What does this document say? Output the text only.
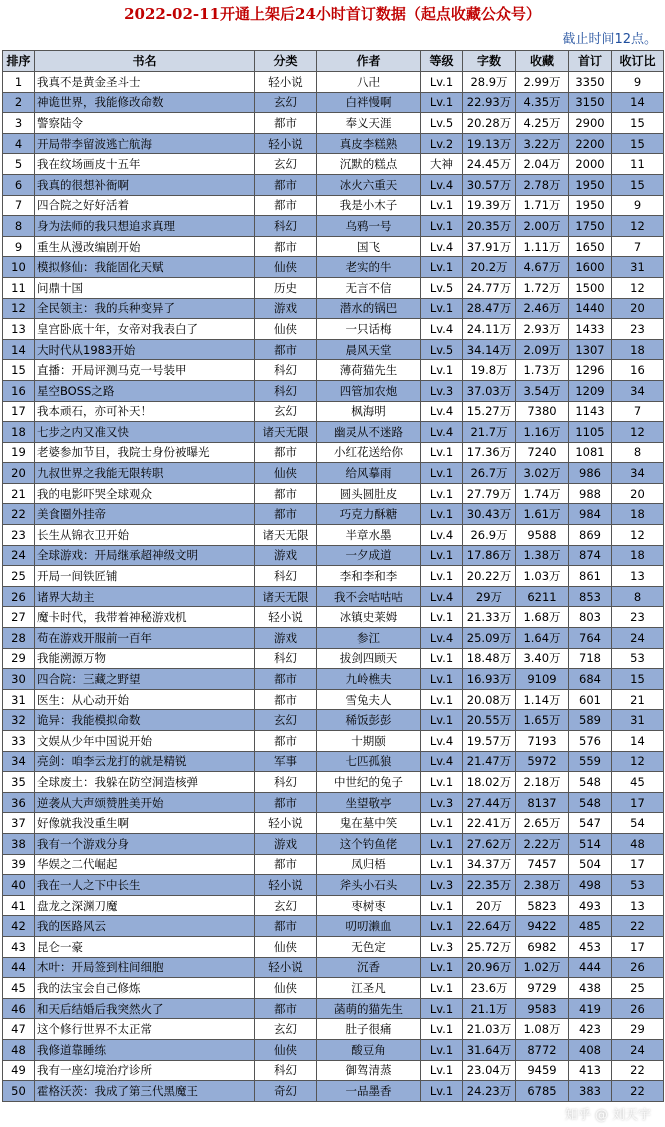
2022-02-11开通上架后24小时首订数据（起点收藏公众号）
截止时间12点。
排序	书名	分类	作者	等级	字数	收藏	首订	收订比
1	我真不是黄金圣斗士	轻小说	八卍	Lv.1	28.9万	2.99万	3350	9
2	神诡世界，我能修改命数	玄幻	白袢慢啊	Lv.1	22.93万	4.35万	3150	14
3	警察陆令	都市	奉义天涯	Lv.5	20.28万	4.25万	2900	15
4	开局带李留波逃亡航海	轻小说	真皮李糕熟	Lv.2	19.13万	3.22万	2200	15
5	我在纹场画皮十五年	玄幻	沉默的糕点	大神	24.45万	2.04万	2000	11
6	我真的很想补衙啊	都市	冰火六重天	Lv.4	30.57万	2.78万	1950	15
7	四合院之好好活着	都市	我是小木子	Lv.1	19.39万	1.71万	1950	9
8	身为法师的我只想追求真理	科幻	乌鸦一号	Lv.1	20.35万	2.00万	1750	12
9	重生从漫改编剧开始	都市	国飞	Lv.4	37.91万	1.11万	1650	7
10	模拟修仙：我能固化天赋	仙侠	老实的牛	Lv.1	20.2万	4.67万	1600	31
11	问鼎十国	历史	无言不信	Lv.5	24.77万	1.72万	1500	12
12	全民领主：我的兵种变异了	游戏	潜水的锅巴	Lv.1	28.47万	2.46万	1440	20
13	皇宫卧底十年，女帝对我表白了	仙侠	一只话梅	Lv.4	24.11万	2.93万	1433	23
14	大时代从1983开始	都市	晨风天堂	Lv.5	34.14万	2.09万	1307	18
15	直播：开局评测马克一号装甲	科幻	薄荷猫先生	Lv.1	19.8万	1.73万	1296	16
16	星空BOSS之路	科幻	四管加农炮	Lv.3	37.03万	3.54万	1209	34
17	我本顽石，亦可补天！	玄幻	枫海明	Lv.4	15.27万	7380	1143	7
18	七步之内又准又快	诸天无限	幽灵从不迷路	Lv.4	21.7万	1.16万	1105	12
19	老婆参加节目，我院士身份被曝光	都市	小红花送给你	Lv.1	17.36万	7240	1081	8
20	九叔世界之我能无限转职	仙侠	给风摹雨	Lv.1	26.7万	3.02万	986	34
21	我的电影吓哭全球观众	都市	圆头圆肚皮	Lv.1	27.79万	1.74万	988	20
22	美食圈外挂帝	都市	巧克力酥糖	Lv.1	30.43万	1.61万	984	18
23	长生从锦衣卫开始	诸天无限	半章水墨	Lv.4	26.9万	9588	869	12
24	全球游戏：开局继承超神级文明	游戏	一夕成道	Lv.1	17.86万	1.38万	874	18
25	开局一间铁匠铺	科幻	李和李和李	Lv.1	20.22万	1.03万	861	13
26	诸界大劫主	诸天无限	我不会咕咕咕	Lv.4	29万	6211	853	8
27	魔卡时代，我带着神秘游戏机	轻小说	冰镇史莱姆	Lv.1	21.33万	1.68万	803	23
28	苟在游戏开服前一百年	游戏	参江	Lv.4	25.09万	1.64万	764	24
29	我能溯源万物	科幻	拔剑四顾天	Lv.1	18.48万	3.40万	718	53
30	四合院：三藏之野望	都市	九岭樵夫	Lv.1	16.93万	9109	684	15
31	医生：从心动开始	都市	雪兔夫人	Lv.1	20.08万	1.14万	601	21
32	诡异：我能模拟命数	玄幻	稀饭彭彭	Lv.1	20.55万	1.65万	589	31
33	文娱从少年中国说开始	都市	十期颐	Lv.4	19.57万	7193	576	14
34	亮剑：咱李云龙打的就是精锐	军事	七匹孤狼	Lv.4	21.47万	5972	559	12
35	全球废土：我躲在防空洞造核弹	科幻	中世纪的兔子	Lv.1	18.02万	2.18万	548	45
36	逆袭从大声颂赞胜美开始	都市	坐望敬亭	Lv.3	27.44万	8137	548	17
37	好像就我没重生啊	轻小说	鬼在墓中笑	Lv.1	22.41万	2.65万	547	54
38	我有一个游戏分身	游戏	这个钓鱼佬	Lv.1	27.62万	2.22万	514	48
39	华娱之二代崛起	都市	凤归梧	Lv.1	34.37万	7457	504	17
40	我在一人之下中长生	轻小说	斧头小石头	Lv.3	22.35万	2.38万	498	53
41	盘龙之深渊刀魔	玄幻	枣树枣	Lv.1	20万	5823	493	13
42	我的医路风云	都市	叨叨濑血	Lv.1	22.64万	9422	485	22
43	昆仑一豪	仙侠	无色定	Lv.3	25.72万	6982	453	17
44	木叶：开局签到柱间细胞	轻小说	沉香	Lv.1	20.96万	1.02万	444	26
45	我的法宝会自己修炼	仙侠	江圣凡	Lv.1	23.6万	9729	438	25
46	和天后结婚后我突然火了	都市	菡萌的猫先生	Lv.1	21.1万	9583	419	26
47	这个修行世界不太正常	玄幻	肚子很痛	Lv.1	21.03万	1.08万	423	29
48	我修道靠睡练	仙侠	酸豆角	Lv.1	31.64万	8772	408	24
49	我有一座幻境治疗诊所	科幻	御驾清蒸	Lv.1	23.04万	9459	413	22
50	霍格沃茨：我成了第三代黑魔王	奇幻	一品墨香	Lv.1	24.23万	6785	383	22
知乎 @ 刘天宇
